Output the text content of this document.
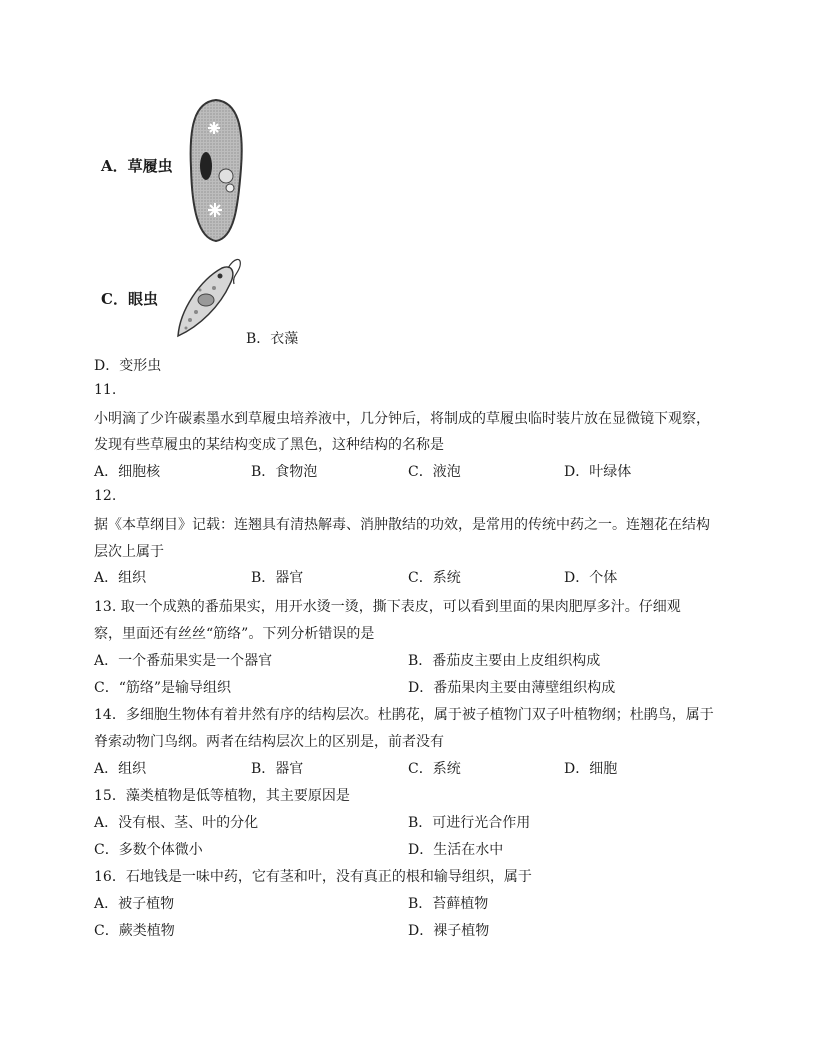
A．草履虫
C．眼虫
B．衣藻
D．变形虫
11.
小明滴了少许碳素墨水到草履虫培养液中，几分钟后，将制成的草履虫临时装片放在显微镜下观察，
发现有些草履虫的某结构变成了黑色，这种结构的名称是
A．细胞核	B．食物泡	C．液泡	D．叶绿体
12.
据《本草纲目》记载：连翘具有清热解毒、消肿散结的功效，是常用的传统中药之一。连翘花在结构
层次上属于
A．组织	B．器官	C．系统	D．个体
13. 取一个成熟的番茄果实，用开水烫一烫，撕下表皮，可以看到里面的果肉肥厚多汁。仔细观
察，里面还有丝丝“筋络”。下列分析错误的是
A．一个番茄果实是一个器官	B．番茄皮主要由上皮组织构成
C．“筋络”是输导组织	D．番茄果肉主要由薄壁组织构成
14．多细胞生物体有着井然有序的结构层次。杜鹃花，属于被子植物门双子叶植物纲；杜鹃鸟，属于
脊索动物门鸟纲。两者在结构层次上的区别是，前者没有
A．组织	B．器官	C．系统	D．细胞
15．藻类植物是低等植物，其主要原因是
A．没有根、茎、叶的分化	B．可进行光合作用
C．多数个体微小	D．生活在水中
16．石地钱是一味中药，它有茎和叶，没有真正的根和输导组织，属于
A．被子植物	B．苔藓植物
C．蕨类植物	D．裸子植物
